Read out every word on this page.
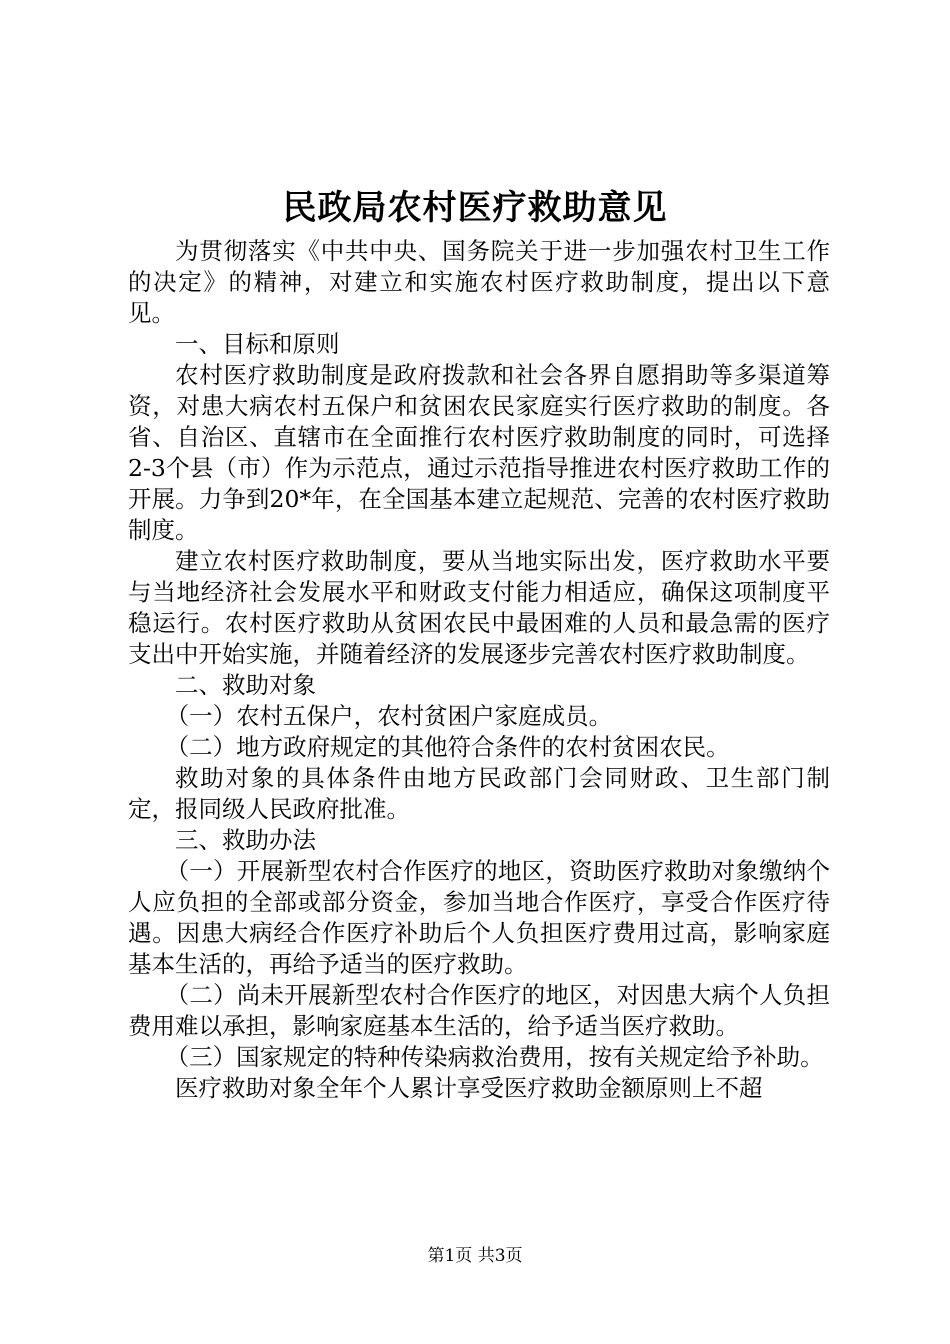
民政局农村医疗救助意见

为贯彻落实《中共中央、国务院关于进一步加强农村卫生工作的决定》的精神，对建立和实施农村医疗救助制度，提出以下意见。

一、目标和原则

农村医疗救助制度是政府拨款和社会各界自愿捐助等多渠道筹资，对患大病农村五保户和贫困农民家庭实行医疗救助的制度。各省、自治区、直辖市在全面推行农村医疗救助制度的同时，可选择2-3个县（市）作为示范点，通过示范指导推进农村医疗救助工作的开展。力争到20*年，在全国基本建立起规范、完善的农村医疗救助制度。

建立农村医疗救助制度，要从当地实际出发，医疗救助水平要与当地经济社会发展水平和财政支付能力相适应，确保这项制度平稳运行。农村医疗救助从贫困农民中最困难的人员和最急需的医疗支出中开始实施，并随着经济的发展逐步完善农村医疗救助制度。

二、救助对象

（一）农村五保户，农村贫困户家庭成员。

（二）地方政府规定的其他符合条件的农村贫困农民。

救助对象的具体条件由地方民政部门会同财政、卫生部门制定，报同级人民政府批准。

三、救助办法

（一）开展新型农村合作医疗的地区，资助医疗救助对象缴纳个人应负担的全部或部分资金，参加当地合作医疗，享受合作医疗待遇。因患大病经合作医疗补助后个人负担医疗费用过高，影响家庭基本生活的，再给予适当的医疗救助。

（二）尚未开展新型农村合作医疗的地区，对因患大病个人负担费用难以承担，影响家庭基本生活的，给予适当医疗救助。

（三）国家规定的特种传染病救治费用，按有关规定给予补助。

医疗救助对象全年个人累计享受医疗救助金额原则上不超

第1页 共3页
